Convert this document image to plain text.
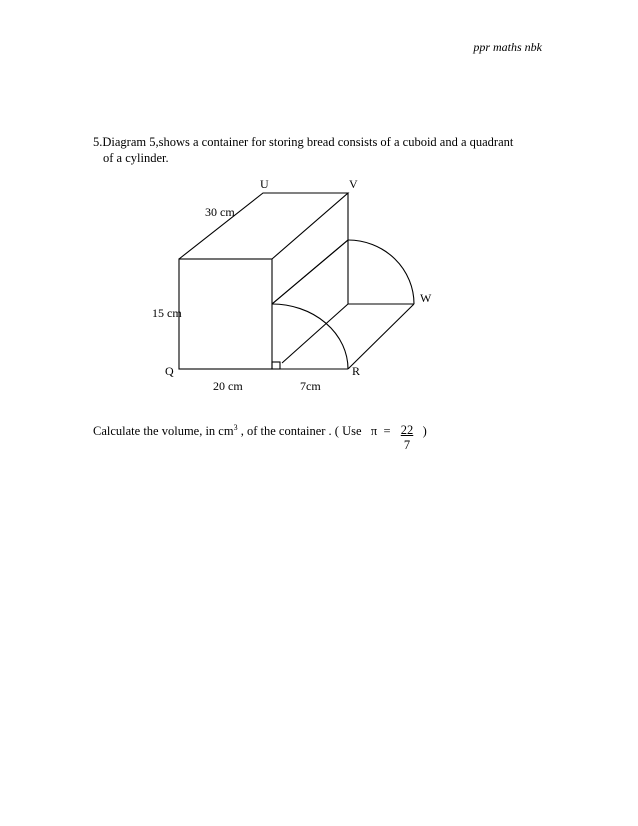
ppr maths nbk
5.Diagram 5,shows a container for storing bread consists of a cuboid and a quadrant
of a cylinder.
U	V
W
Q	R
30 cm
15 cm
20 cm	7cm
Calculate the volume, in $cm^3$ , of the container . ( Use   $\pi = \frac{22}{7}$ )
